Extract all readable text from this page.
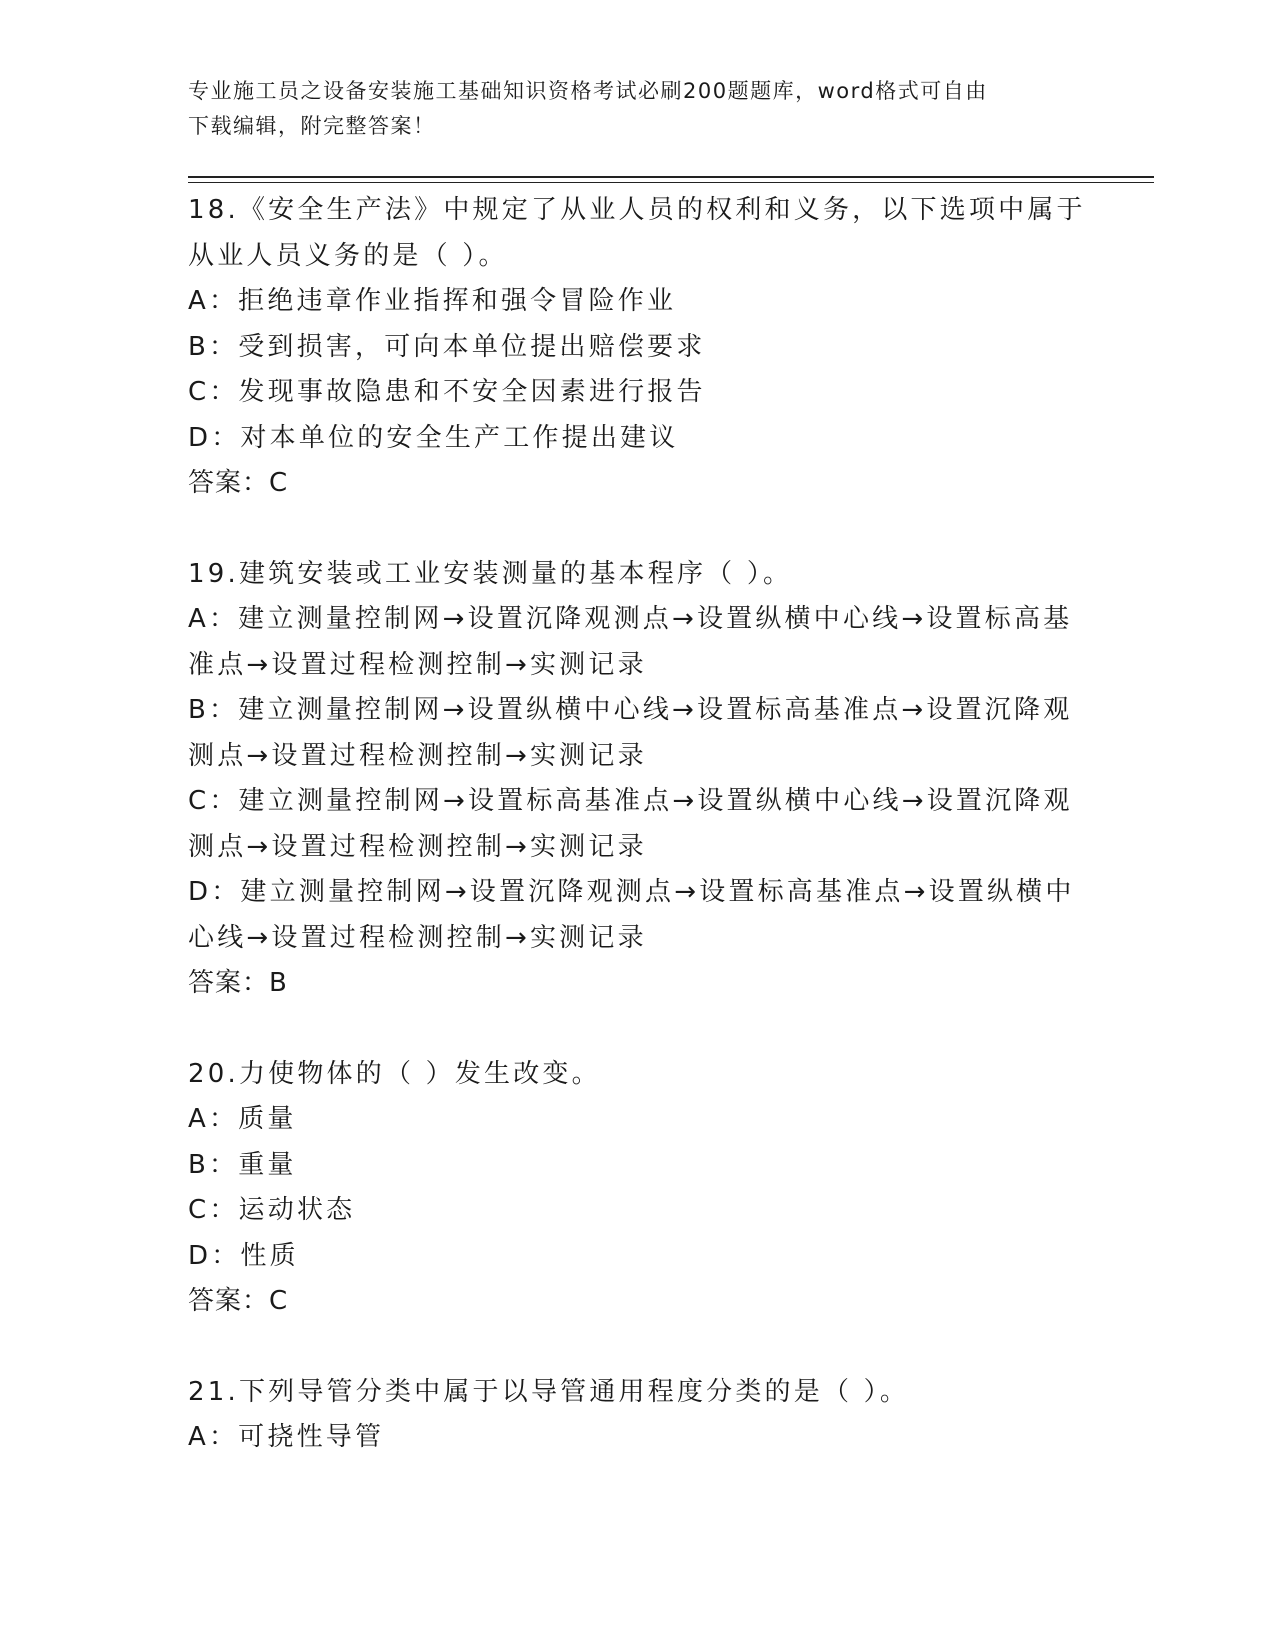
专业施工员之设备安装施工基础知识资格考试必刷200题题库，word格式可自由
下载编辑，附完整答案！
18.《安全生产法》中规定了从业人员的权利和义务，以下选项中属于
从业人员义务的是（ ）。
A：拒绝违章作业指挥和强令冒险作业
B：受到损害，可向本单位提出赔偿要求
C：发现事故隐患和不安全因素进行报告
D：对本单位的安全生产工作提出建议
答案：C
19.建筑安装或工业安装测量的基本程序（ ）。
A：建立测量控制网→设置沉降观测点→设置纵横中心线→设置标高基
准点→设置过程检测控制→实测记录
B：建立测量控制网→设置纵横中心线→设置标高基准点→设置沉降观
测点→设置过程检测控制→实测记录
C：建立测量控制网→设置标高基准点→设置纵横中心线→设置沉降观
测点→设置过程检测控制→实测记录
D：建立测量控制网→设置沉降观测点→设置标高基准点→设置纵横中
心线→设置过程检测控制→实测记录
答案：B
20.力使物体的（ ）发生改变。
A：质量
B：重量
C：运动状态
D：性质
答案：C
21.下列导管分类中属于以导管通用程度分类的是（ ）。
A：可挠性导管
